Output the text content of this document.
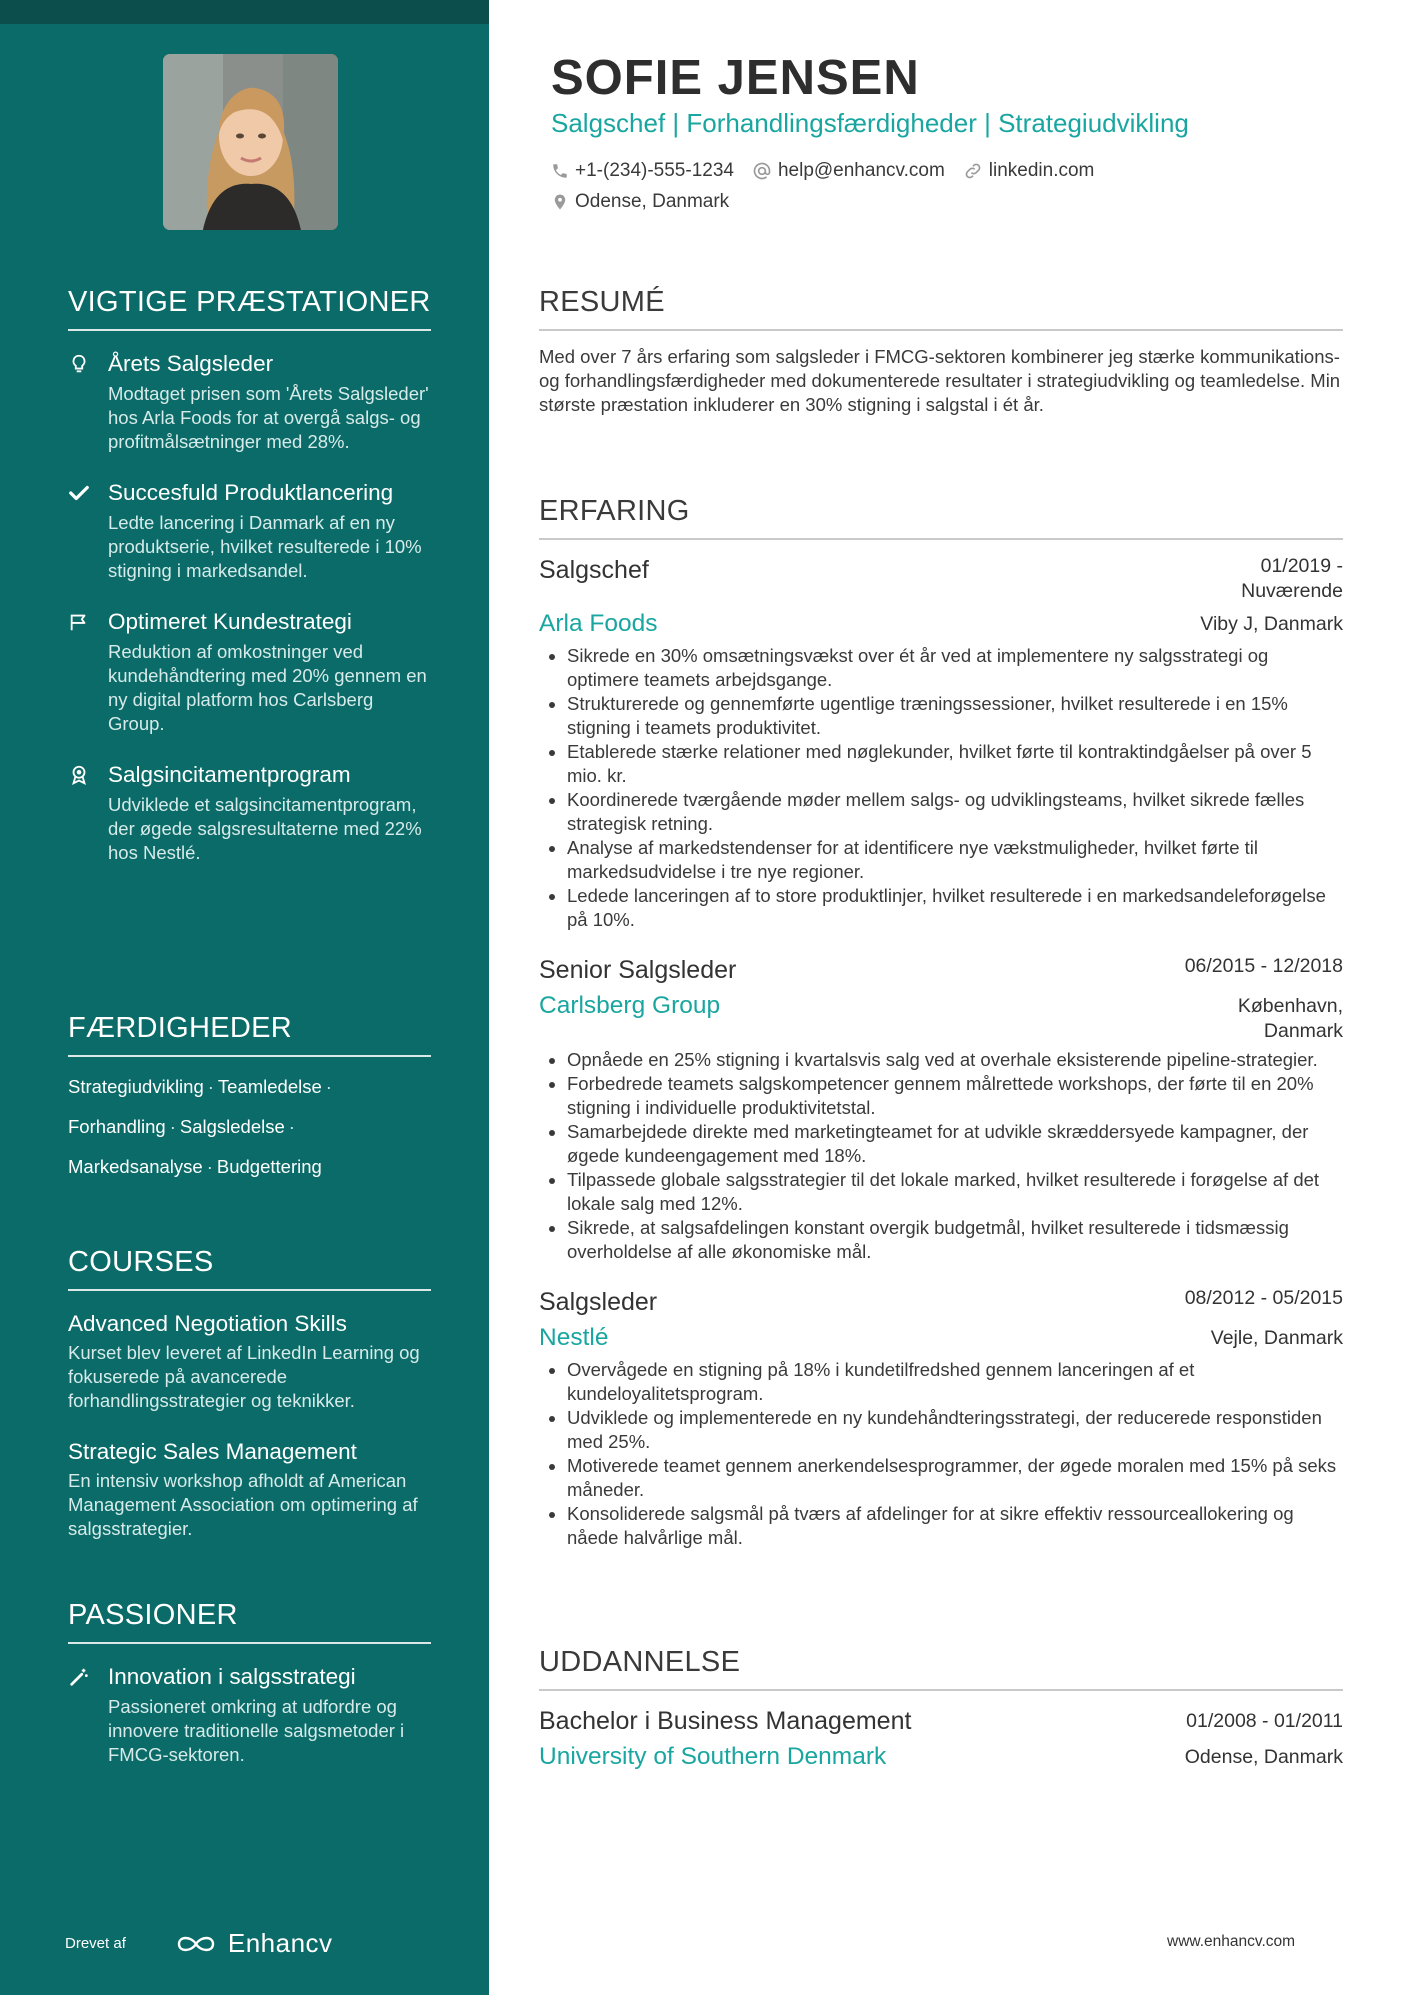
VIGTIGE PRÆSTATIONER
Årets Salgsleder
Modtaget prisen som 'Årets Salgsleder' hos Arla Foods for at overgå salgs- og profitmålsætninger med 28%.
Succesfuld Produktlancering
Ledte lancering i Danmark af en ny produktserie, hvilket resulterede i 10% stigning i markedsandel.
Optimeret Kundestrategi
Reduktion af omkostninger ved kundehåndtering med 20% gennem en ny digital platform hos Carlsberg Group.
Salgsincitamentprogram
Udviklede et salgsincitamentprogram, der øgede salgsresultaterne med 22% hos Nestlé.
FÆRDIGHEDER
Strategiudvikling · Teamledelse ·
Forhandling · Salgsledelse ·
Markedsanalyse · Budgettering
COURSES
Advanced Negotiation Skills
Kurset blev leveret af LinkedIn Learning og fokuserede på avancerede forhandlingsstrategier og teknikker.
Strategic Sales Management
En intensiv workshop afholdt af American Management Association om optimering af salgsstrategier.
PASSIONER
Innovation i salgsstrategi
Passioneret omkring at udfordre og innovere traditionelle salgsmetoder i FMCG-sektoren.
Drevet af	Enhancv
SOFIE JENSEN
Salgschef | Forhandlingsfærdigheder | Strategiudvikling
+1-(234)-555-1234 help@enhancv.com linkedin.com
Odense, Danmark
RESUMÉ
Med over 7 års erfaring som salgsleder i FMCG-sektoren kombinerer jeg stærke kommunikations- og forhandlingsfærdigheder med dokumenterede resultater i strategiudvikling og teamledelse. Min største præstation inkluderer en 30% stigning i salgstal i ét år.
ERFARING
Salgschef	01/2019 - Nuværende
Arla Foods	Viby J, Danmark
• Sikrede en 30% omsætningsvækst over ét år ved at implementere ny salgsstrategi og optimere teamets arbejdsgange.
• Strukturerede og gennemførte ugentlige træningssessioner, hvilket resulterede i en 15% stigning i teamets produktivitet.
• Etablerede stærke relationer med nøglekunder, hvilket førte til kontraktindgåelser på over 5 mio. kr.
• Koordinerede tværgående møder mellem salgs- og udviklingsteams, hvilket sikrede fælles strategisk retning.
• Analyse af markedstendenser for at identificere nye vækstmuligheder, hvilket førte til markedsudvidelse i tre nye regioner.
• Ledede lanceringen af to store produktlinjer, hvilket resulterede i en markedsandeleforøgelse på 10%.
Senior Salgsleder	06/2015 - 12/2018
Carlsberg Group	København, Danmark
• Opnåede en 25% stigning i kvartalsvis salg ved at overhale eksisterende pipeline-strategier.
• Forbedrede teamets salgskompetencer gennem målrettede workshops, der førte til en 20% stigning i individuelle produktivitetstal.
• Samarbejdede direkte med marketingteamet for at udvikle skræddersyede kampagner, der øgede kundeengagement med 18%.
• Tilpassede globale salgsstrategier til det lokale marked, hvilket resulterede i forøgelse af det lokale salg med 12%.
• Sikrede, at salgsafdelingen konstant overgik budgetmål, hvilket resulterede i tidsmæssig overholdelse af alle økonomiske mål.
Salgsleder	08/2012 - 05/2015
Nestlé	Vejle, Danmark
• Overvågede en stigning på 18% i kundetilfredshed gennem lanceringen af et kundeloyalitetsprogram.
• Udviklede og implementerede en ny kundehåndteringsstrategi, der reducerede responstiden med 25%.
• Motiverede teamet gennem anerkendelsesprogrammer, der øgede moralen med 15% på seks måneder.
• Konsoliderede salgsmål på tværs af afdelinger for at sikre effektiv ressourceallokering og nåede halvårlige mål.
UDDANNELSE
Bachelor i Business Management	01/2008 - 01/2011
University of Southern Denmark	Odense, Danmark
www.enhancv.com
